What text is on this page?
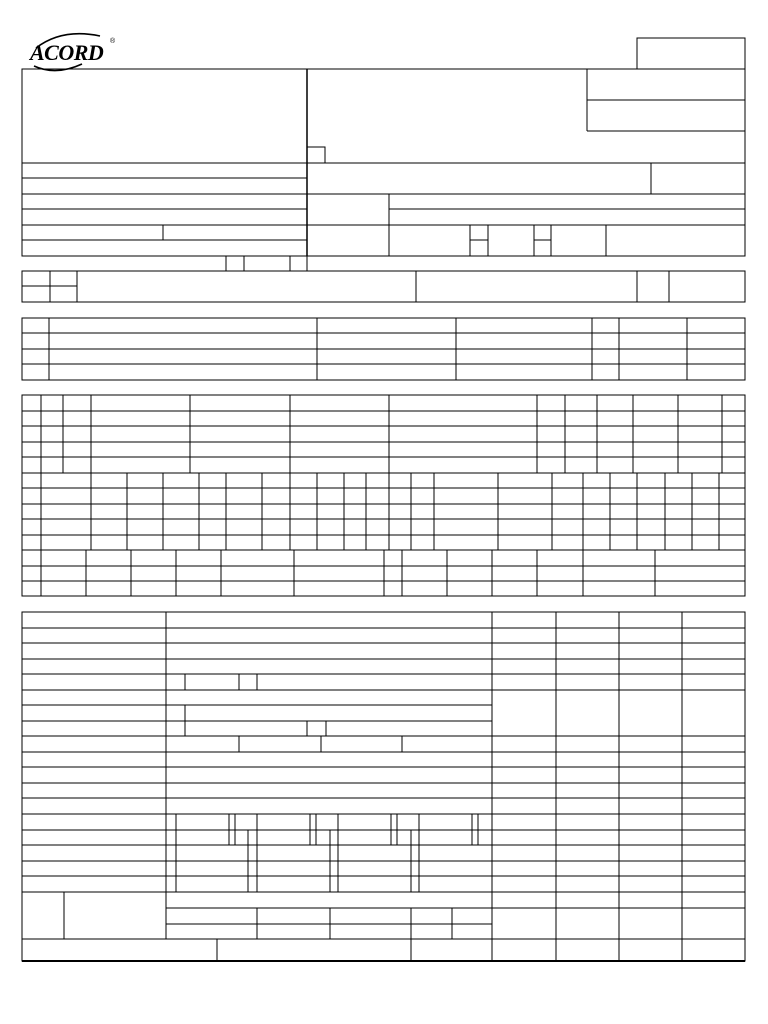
ACORD ®
